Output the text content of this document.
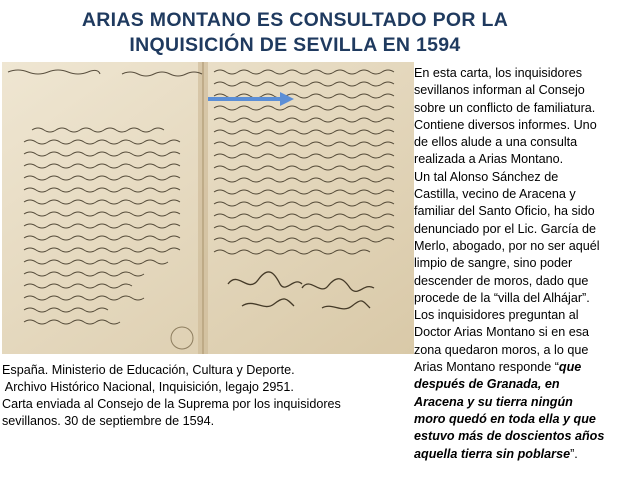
ARIAS MONTANO ES CONSULTADO POR LA
INQUISICIÓN DE SEVILLA EN 1594
España. Ministerio de Educación, Cultura y Deporte.
Archivo Histórico Nacional, Inquisición, legajo 2951.
Carta enviada al Consejo de la Suprema por los inquisidores
sevillanos. 30 de septiembre de 1594.
En esta carta, los inquisidores
sevillanos informan al Consejo
sobre un conflicto de familiatura.
Contiene diversos informes. Uno
de ellos alude a una consulta
realizada a Arias Montano.
Un tal Alonso Sánchez de
Castilla, vecino de Aracena y
familiar del Santo Oficio, ha sido
denunciado por el Lic. García de
Merlo, abogado, por no ser aquél
limpio de sangre, sino poder
descender de moros, dado que
procede de la “villa del Alhájar”.
Los inquisidores preguntan al
Doctor Arias Montano si en esa
zona quedaron moros, a lo que
Arias Montano responde “que
después de Granada, en
Aracena y su tierra ningún
moro quedó en toda ella y que
estuvo más de doscientos años
aquella tierra sin poblarse”.
